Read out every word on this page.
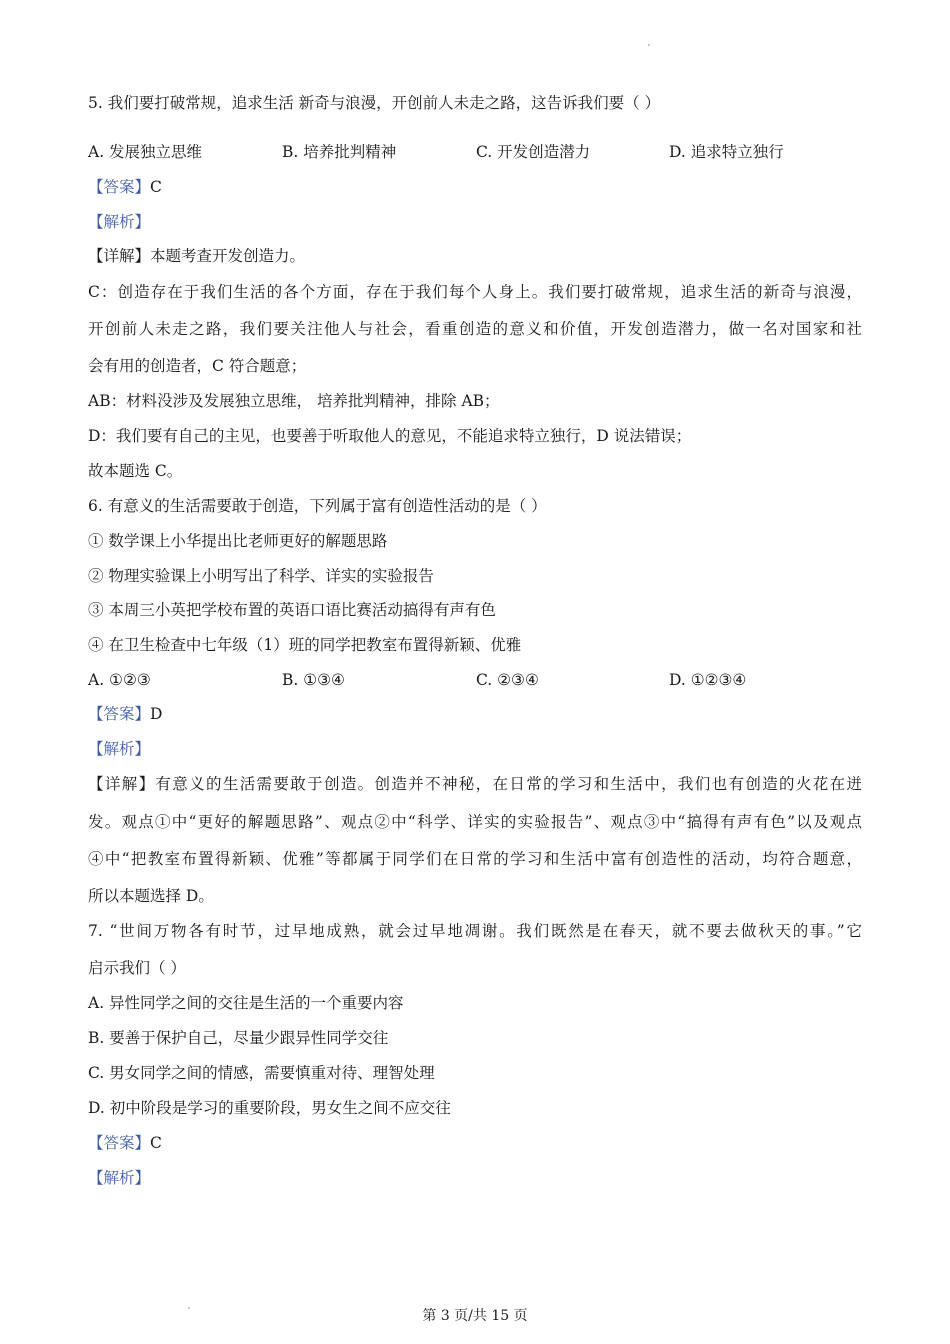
5. 我们要打破常规，追求生活 新奇与浪漫，开创前人未走之路，这告诉我们要（ ）
A. 发展独立思维	B. 培养批判精神	C. 开发创造潜力	D. 追求特立独行
【答案】C
【解析】
【详解】本题考查开发创造力。
C：创造存在于我们生活的各个方面，存在于我们每个人身上。我们要打破常规，追求生活的新奇与浪漫，
开创前人未走之路，我们要关注他人与社会，看重创造的意义和价值，开发创造潜力，做一名对国家和社
会有用的创造者，C 符合题意；
AB：材料没涉及发展独立思维， 培养批判精神，排除 AB；
D：我们要有自己的主见，也要善于听取他人的意见，不能追求特立独行，D 说法错误；
故本题选 C。
6. 有意义的生活需要敢于创造，下列属于富有创造性活动的是（ ）
① 数学课上小华提出比老师更好的解题思路
② 物理实验课上小明写出了科学、详实的实验报告
③ 本周三小英把学校布置的英语口语比赛活动搞得有声有色
④ 在卫生检查中七年级（1）班的同学把教室布置得新颖、优雅
A. ①②③	B. ①③④	C. ②③④	D. ①②③④
【答案】D
【解析】
【详解】有意义的生活需要敢于创造。创造并不神秘，在日常的学习和生活中，我们也有创造的火花在迸
发。观点①中“更好的解题思路”、观点②中“科学、详实的实验报告”、观点③中“搞得有声有色”以及观点
④中“把教室布置得新颖、优雅”等都属于同学们在日常的学习和生活中富有创造性的活动，均符合题意，
所以本题选择 D。
7. “世间万物各有时节，过早地成熟，就会过早地凋谢。我们既然是在春天，就不要去做秋天的事。”它
启示我们（ ）
A. 异性同学之间的交往是生活的一个重要内容
B. 要善于保护自己，尽量少跟异性同学交往
C. 男女同学之间的情感，需要慎重对待、理智处理
D. 初中阶段是学习的重要阶段，男女生之间不应交往
【答案】C
【解析】
第 3 页/共 15 页
